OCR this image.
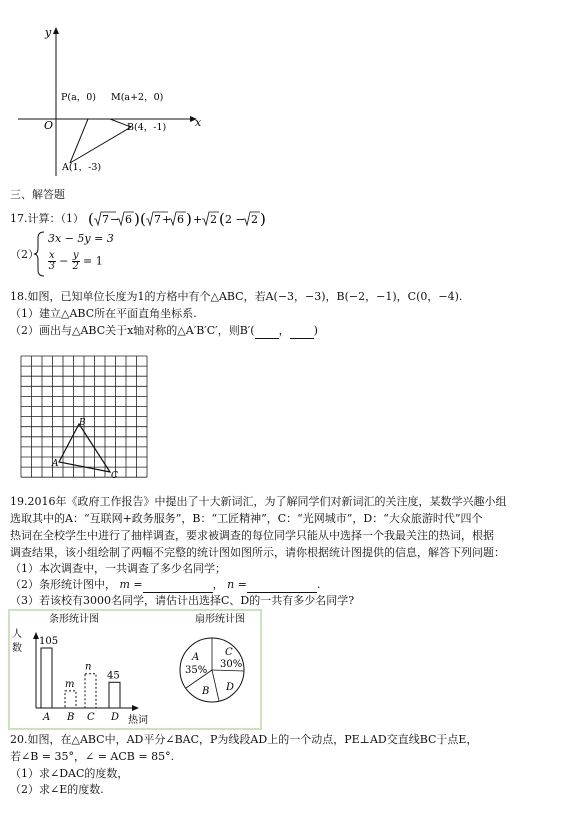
y
x
O
P(a，0) M(a+2，0)
B(4，-1)
A(1，-3)
三、解答题
17.计算：（1） ( 7 − 6 ) ( 7 + 6 ) + 2 ( 2 − 2 )
（2）
3x − 5y = 3
$\frac{x}{3} - \frac{y}{2} = 1$
18.如图，已知单位长度为1的方格中有个△ABC，若A(−3，−3)，B(−2，−1)，C(0，−4).
（1）建立△ABC所在平面直角坐标系.
（2）画出与△ABC关于x轴对称的△A′B′C′，则B′( ， )
A
B
C
19.2016年《政府工作报告》中提出了十大新词汇，为了解同学们对新词汇的关注度，某数学兴趣小组
选取其中的A：“互联网+政务服务”，B：“工匠精神”，C：“光网城市”，D：“大众旅游时代”四个
热词在全校学生中进行了抽样调查，要求被调查的每位同学只能从中选择一个我最关注的热词，根据
调查结果，该小组绘制了两幅不完整的统计图如图所示，请你根据统计图提供的信息，解答下列问题：
（1）本次调查中，一共调查了多少名同学；
（2）条形统计图中， m =	， n =	.
（3）若该校有3000名同学，请估计出选择C、D的一共有多少名同学?
条形统计图
人
数
热词
105
A
m
B
n
C
45
D
扇形统计图
A
35%
C
30%
D
B
20.如图，在△ABC中，AD平分∠BAC，P为线段AD上的一个动点，PE⊥AD交直线BC于点E，
若∠B = 35°，∠ = ACB = 85°.
（1）求∠DAC的度数，
（2）求∠E的度数.
